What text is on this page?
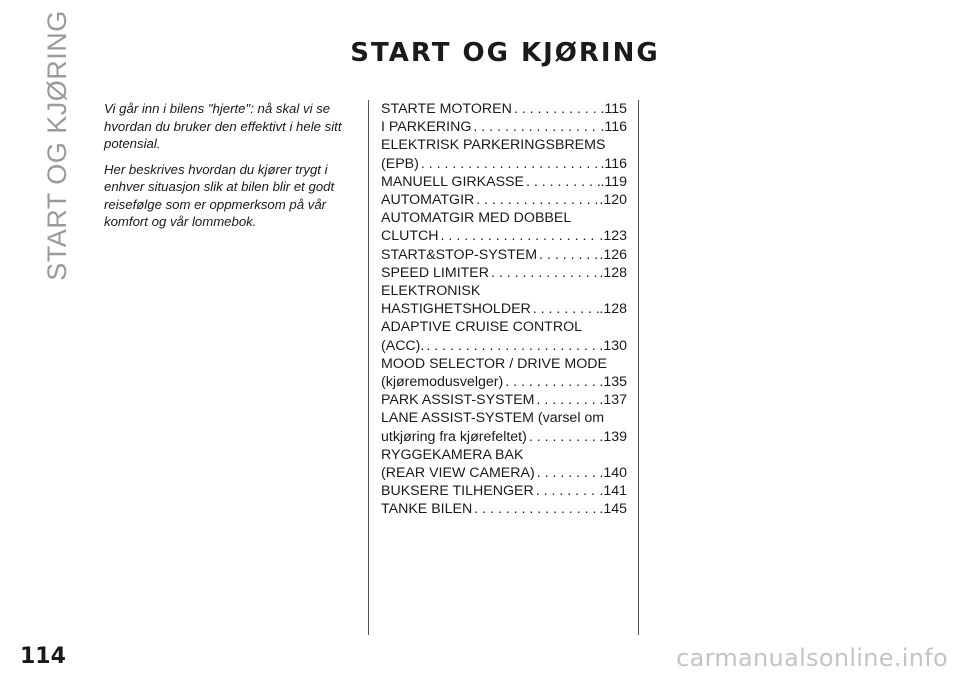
START OG KJØRING	START OG KJØRING

Vi går inn i bilens "hjerte": nå skal vi se hvordan du bruker den effektivt i hele sitt potensial.

Her beskrives hvordan du kjører trygt i enhver situasjon slik at bilen blir et godt reisefølge som er oppmerksom på vår komfort og vår lommebok.

STARTE MOTOREN . . .	.115
I PARKERING . . .	.116
ELEKTRISK PARKERINGSBREMS
(EPB) . . .	.116
MANUELL GIRKASSE . . .	.119
AUTOMATGIR . . .	.120
AUTOMATGIR MED DOBBEL
CLUTCH . . .	.123
START&STOP-SYSTEM . . .	.126
SPEED LIMITER . . .	.128
ELEKTRONISK
HASTIGHETSHOLDER . . .	.128
ADAPTIVE CRUISE CONTROL
(ACC). . . .	.130
MOOD SELECTOR / DRIVE MODE
(kjøremodusvelger) . . .	.135
PARK ASSIST-SYSTEM . . .	.137
LANE ASSIST-SYSTEM (varsel om
utkjøring fra kjørefeltet) . . .	.139
RYGGEKAMERA BAK
(REAR VIEW CAMERA) . . .	.140
BUKSERE TILHENGER . . .	.141
TANKE BILEN . . .	.145
114	carmanualsonline.info
